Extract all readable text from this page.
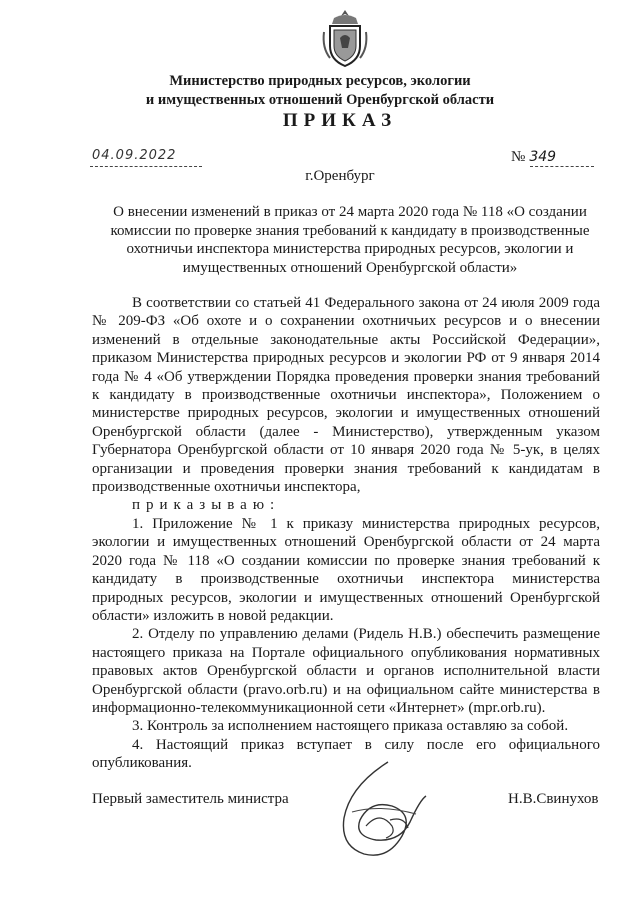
Министерство природных ресурсов, экологии
и имущественных отношений Оренбургской области
ПРИКАЗ
04.09.2022	№ 349
г.Оренбург
О внесении изменений в приказ от 24 марта 2020 года № 118 «О создании комиссии по проверке знания требований к кандидату в производственные охотничьи инспектора министерства природных ресурсов, экологии и имущественных отношений Оренбургской области»

В соответствии со статьей 41 Федерального закона от 24 июля 2009 года № 209-ФЗ «Об охоте и о сохранении охотничьих ресурсов и о внесении изменений в отдельные законодательные акты Российской Федерации», приказом Министерства природных ресурсов и экологии РФ от 9 января 2014 года № 4 «Об утверждении Порядка проведения проверки знания требований к кандидату в производственные охотничьи инспектора», Положением о министерстве природных ресурсов, экологии и имущественных отношений Оренбургской области (далее - Министерство), утвержденным указом Губернатора Оренбургской области от 10 января 2020 года № 5-ук, в целях организации и проведения проверки знания требований к кандидатам в производственные охотничьи инспектора,

приказываю:

1. Приложение № 1 к приказу министерства природных ресурсов, экологии и имущественных отношений Оренбургской области от 24 марта 2020 года № 118 «О создании комиссии по проверке знания требований к кандидату в производственные охотничьи инспектора министерства природных ресурсов, экологии и имущественных отношений Оренбургской области» изложить в новой редакции.

2. Отделу по управлению делами (Ридель Н.В.) обеспечить размещение настоящего приказа на Портале официального опубликования нормативных правовых актов Оренбургской области и органов исполнительной власти Оренбургской области (pravo.orb.ru) и на официальном сайте министерства в информационно-телекоммуникационной сети «Интернет» (mpr.orb.ru).

3. Контроль за исполнением настоящего приказа оставляю за собой.

4. Настоящий приказ вступает в силу после его официального опубликования.

Первый заместитель министра	Н.В.Свинухов
